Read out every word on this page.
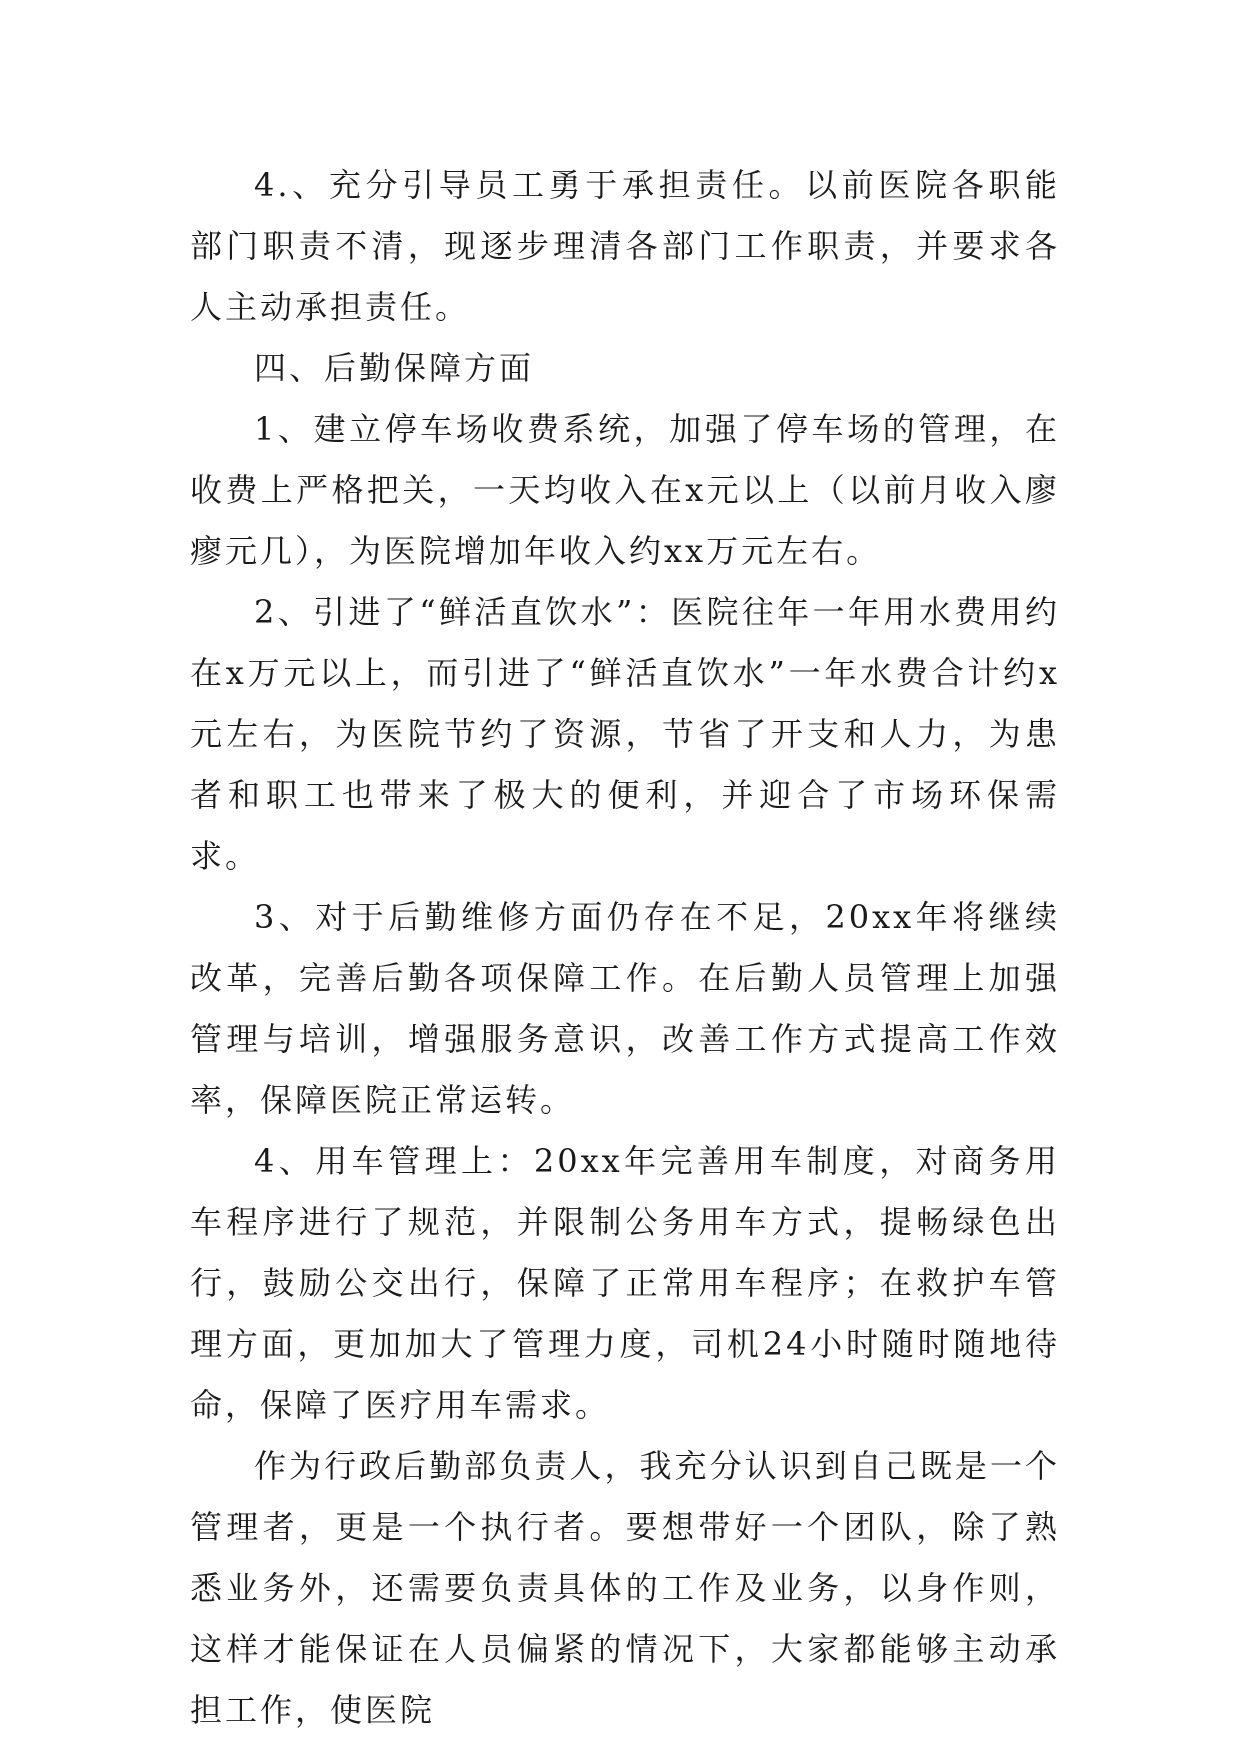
4.、充分引导员工勇于承担责任。以前医院各职能部门职责不清，现逐步理清各部门工作职责，并要求各人主动承担责任。

四、后勤保障方面

1、建立停车场收费系统，加强了停车场的管理，在收费上严格把关，一天均收入在x元以上（以前月收入廖瘳元几），为医院增加年收入约xx万元左右。

2、引进了“鲜活直饮水”：医院往年一年用水费用约在x万元以上，而引进了“鲜活直饮水”一年水费合计约x元左右，为医院节约了资源，节省了开支和人力，为患者和职工也带来了极大的便利，并迎合了市场环保需求。

3、对于后勤维修方面仍存在不足，20xx年将继续改革，完善后勤各项保障工作。在后勤人员管理上加强管理与培训，增强服务意识，改善工作方式提高工作效率，保障医院正常运转。

4、用车管理上：20xx年完善用车制度，对商务用车程序进行了规范，并限制公务用车方式，提畅绿色出行，鼓励公交出行，保障了正常用车程序；在救护车管理方面，更加加大了管理力度，司机24小时随时随地待命，保障了医疗用车需求。

作为行政后勤部负责人，我充分认识到自己既是一个管理者，更是一个执行者。要想带好一个团队，除了熟悉业务外，还需要负责具体的工作及业务，以身作则，这样才能保证在人员偏紧的情况下，大家都能够主动承担工作，使医院
